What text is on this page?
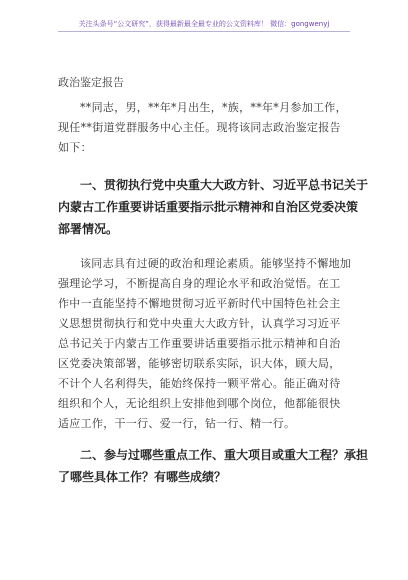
关注头条号“公文研究”，获得最新最全最专业的公文资料库！ 微信：gongwenyj
政治鉴定报告
**同志，男，**年*月出生，*族，**年*月参加工作，
现任**街道党群服务中心主任。现将该同志政治鉴定报告
如下：
一、贯彻执行党中央重大大政方针、习近平总书记关于
内蒙古工作重要讲话重要指示批示精神和自治区党委决策
部署情况。
该同志具有过硬的政治和理论素质。能够坚持不懈地加
强理论学习，不断提高自身的理论水平和政治觉悟。在工
作中一直能坚持不懈地贯彻习近平新时代中国特色社会主
义思想贯彻执行和党中央重大大政方针，认真学习习近平
总书记关于内蒙古工作重要讲话重要指示批示精神和自治
区党委决策部署，能够密切联系实际，识大体，顾大局，
不计个人名利得失，能始终保持一颗平常心。能正确对待
组织和个人，无论组织上安排他到哪个岗位，他都能很快
适应工作，干一行、爱一行，钻一行、精一行。
二、参与过哪些重点工作、重大项目或重大工程？承担
了哪些具体工作？有哪些成绩？
